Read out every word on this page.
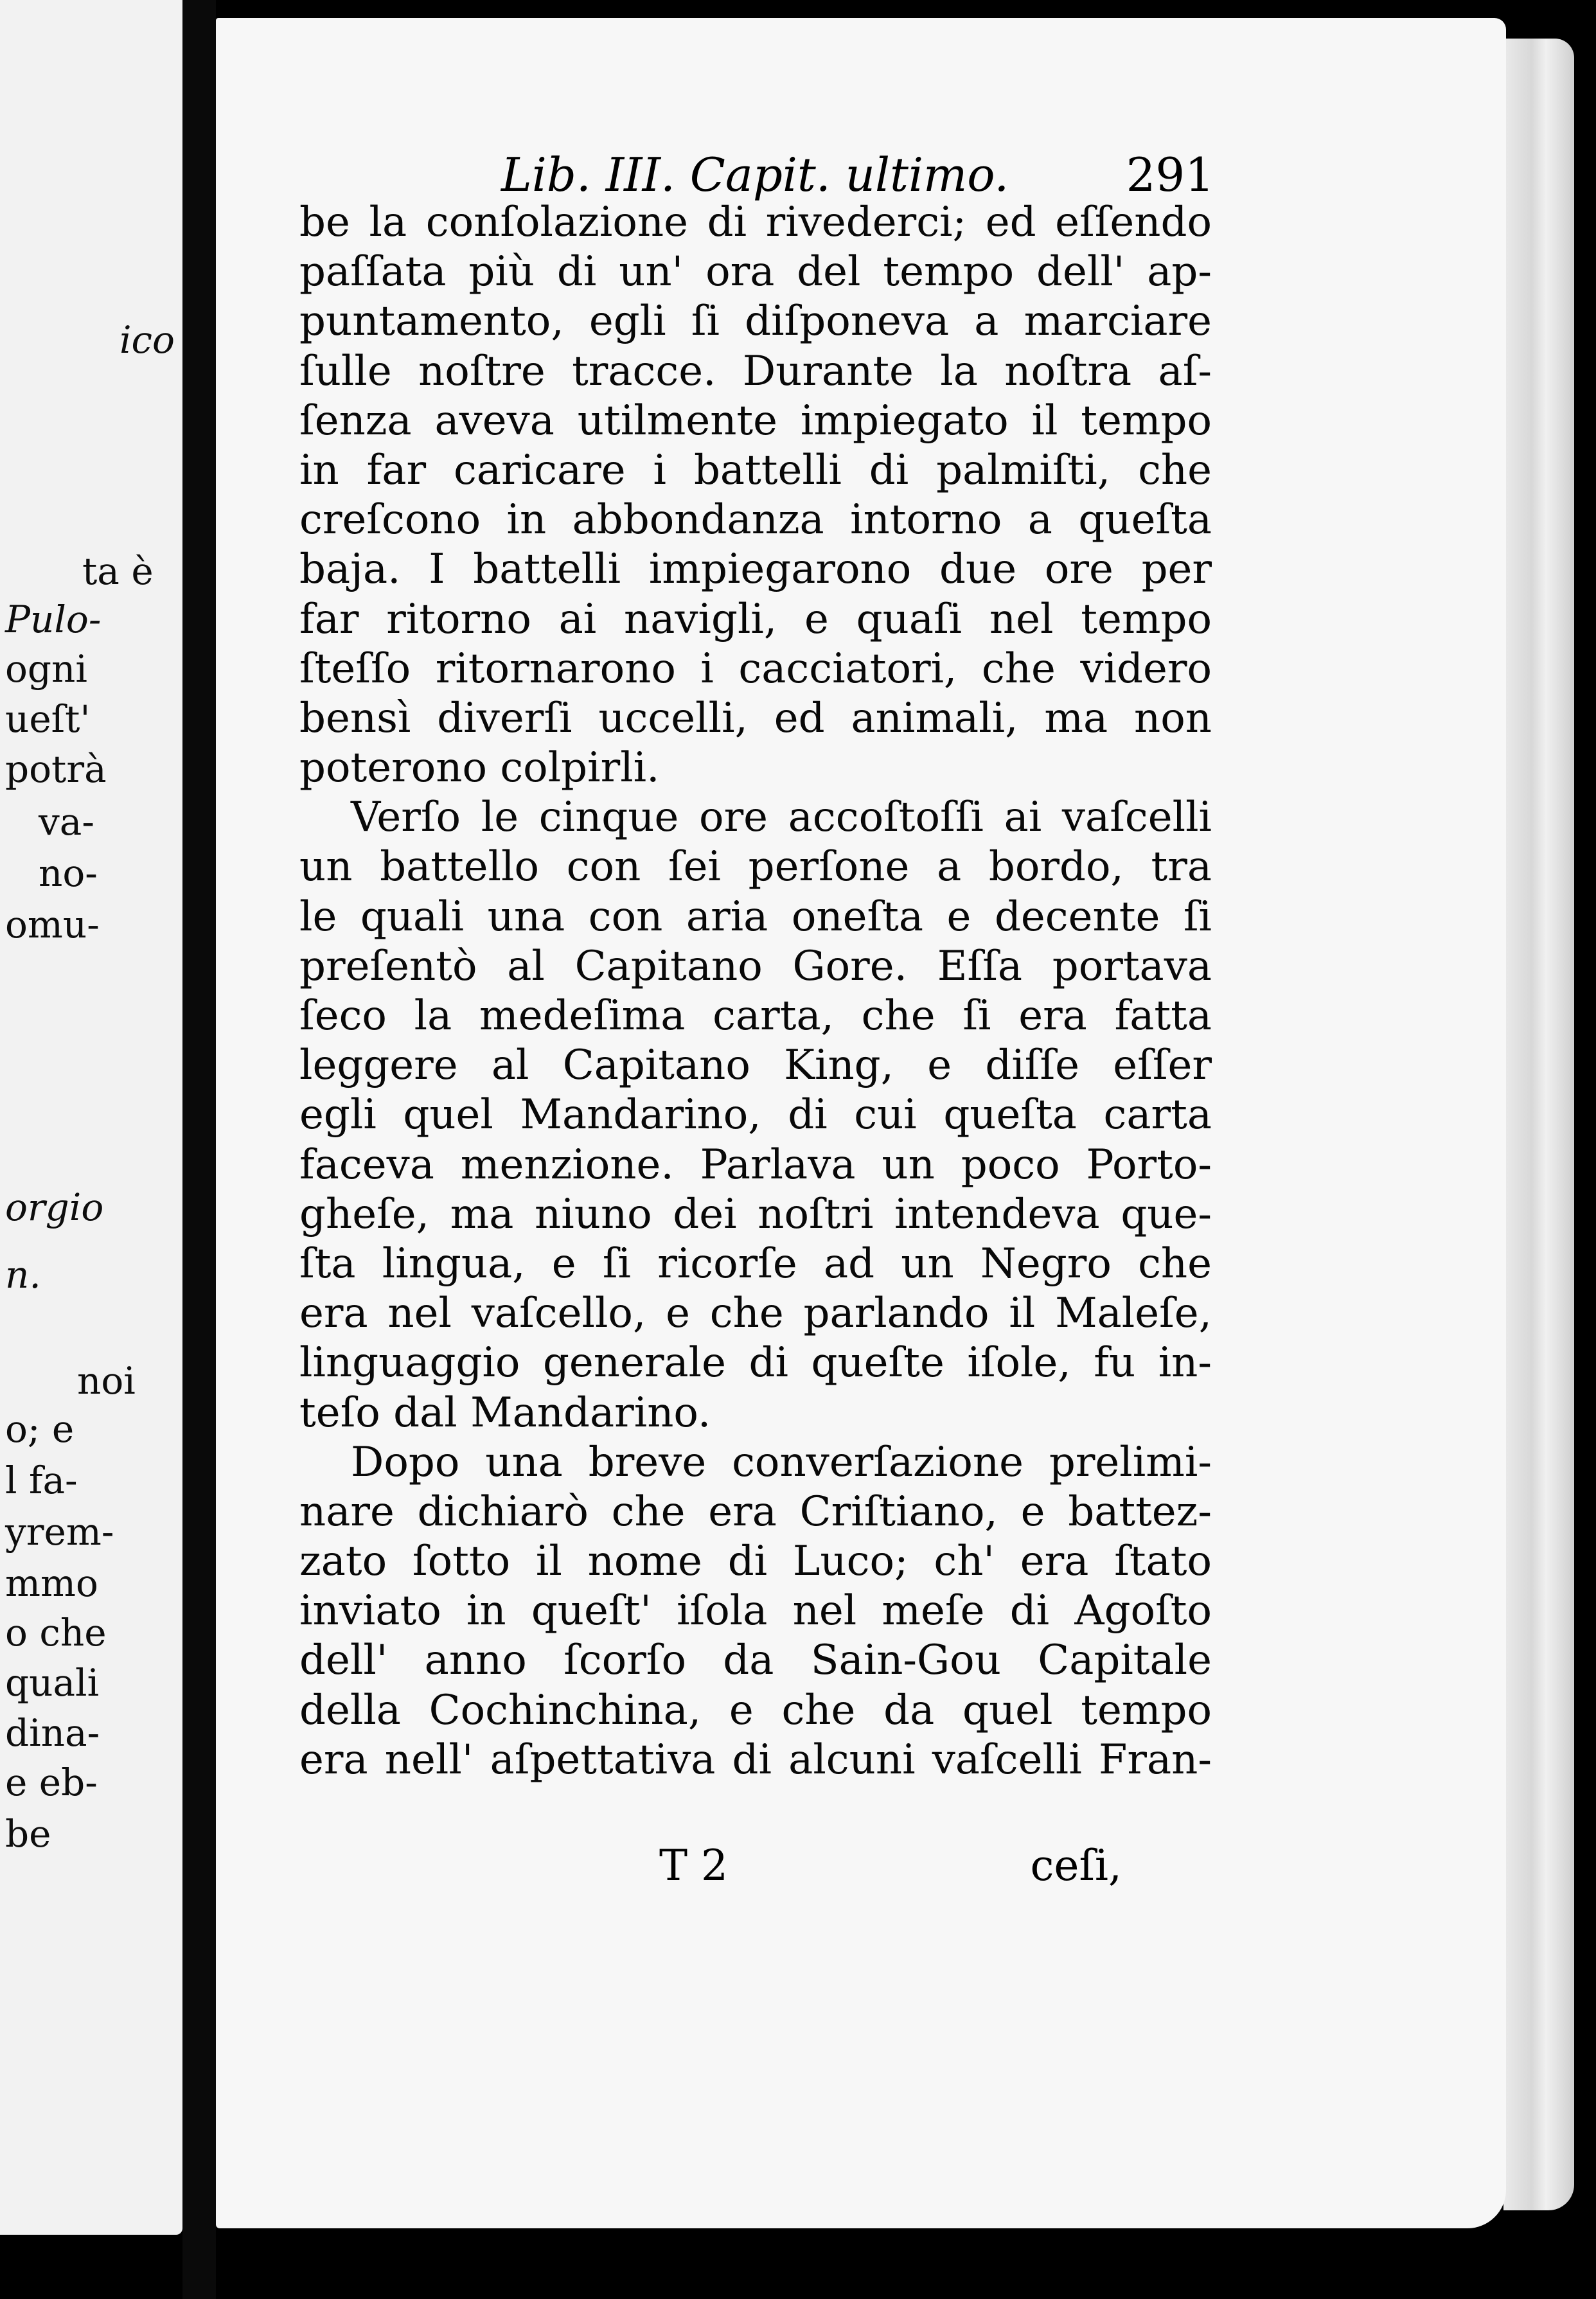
ico
ta è
Pulo-
ogni
ueſt'
potrà
va-
no-
omu-
orgio
n.
noi
o; e
l fa-
yrem-
mmo
o che
quali
dina-
e eb-
be
Lib. III. Capit. ultimo.	291
be la conſolazione di rivederci; ed eſſendo
paſſata più di un' ora del tempo dell' ap-
puntamento, egli ſi diſponeva a marciare
ſulle noſtre tracce. Durante la noſtra aſ-
ſenza aveva utilmente impiegato il tempo
in far caricare i battelli di palmiſti, che
creſcono in abbondanza intorno a queſta
baja. I battelli impiegarono due ore per
far ritorno ai navigli, e quaſi nel tempo
ſteſſo ritornarono i cacciatori, che videro
bensì diverſi uccelli, ed animali, ma non
poterono colpirli.
Verſo le cinque ore accoſtoſſi ai vaſcelli
un battello con ſei perſone a bordo, tra
le quali una con aria oneſta e decente ſi
preſentò al Capitano Gore. Eſſa portava
ſeco la medeſima carta, che ſi era fatta
leggere al Capitano King, e diſſe eſſer
egli quel Mandarino, di cui queſta carta
faceva menzione. Parlava un poco Porto-
gheſe, ma niuno dei noſtri intendeva que-
ſta lingua, e ſi ricorſe ad un Negro che
era nel vaſcello, e che parlando il Maleſe,
linguaggio generale di queſte iſole, fu in-
teſo dal Mandarino.
Dopo una breve converſazione prelimi-
nare dichiarò che era Criſtiano, e battez-
zato ſotto il nome di Luco; ch' era ſtato
inviato in queſt' iſola nel meſe di Agoſto
dell' anno ſcorſo da Sain-Gou Capitale
della Cochinchina, e che da quel tempo
era nell' aſpettativa di alcuni vaſcelli Fran-
T 2	ceſi,
